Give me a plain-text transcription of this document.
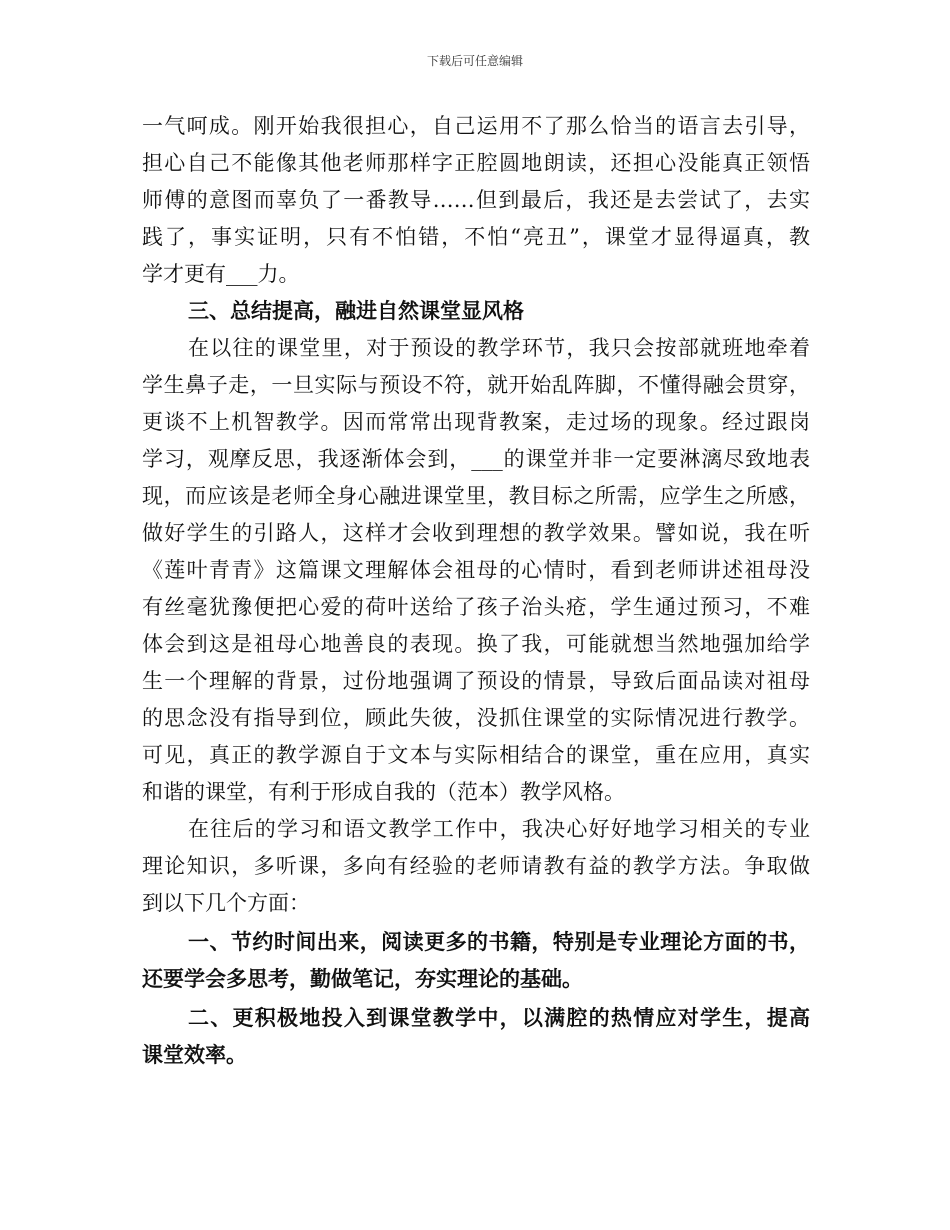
下载后可任意编辑
一气呵成。刚开始我很担心，自己运用不了那么恰当的语言去引导，
担心自己不能像其他老师那样字正腔圆地朗读，还担心没能真正领悟
师傅的意图而辜负了一番教导……但到最后，我还是去尝试了，去实
践了，事实证明，只有不怕错，不怕“亮丑”，课堂才显得逼真，教
学才更有___力。
三、总结提高，融进自然课堂显风格
在以往的课堂里，对于预设的教学环节，我只会按部就班地牵着
学生鼻子走，一旦实际与预设不符，就开始乱阵脚，不懂得融会贯穿，
更谈不上机智教学。因而常常出现背教案，走过场的现象。经过跟岗
学习，观摩反思，我逐渐体会到，___的课堂并非一定要淋漓尽致地表
现，而应该是老师全身心融进课堂里，教目标之所需，应学生之所感，
做好学生的引路人，这样才会收到理想的教学效果。譬如说，我在听
《莲叶青青》这篇课文理解体会祖母的心情时，看到老师讲述祖母没
有丝毫犹豫便把心爱的荷叶送给了孩子治头疮，学生通过预习，不难
体会到这是祖母心地善良的表现。换了我，可能就想当然地强加给学
生一个理解的背景，过份地强调了预设的情景，导致后面品读对祖母
的思念没有指导到位，顾此失彼，没抓住课堂的实际情况进行教学。
可见，真正的教学源自于文本与实际相结合的课堂，重在应用，真实
和谐的课堂，有利于形成自我的（范本）教学风格。
在往后的学习和语文教学工作中，我决心好好地学习相关的专业
理论知识，多听课，多向有经验的老师请教有益的教学方法。争取做
到以下几个方面：
一、节约时间出来，阅读更多的书籍，特别是专业理论方面的书，
还要学会多思考，勤做笔记，夯实理论的基础。
二、更积极地投入到课堂教学中，以满腔的热情应对学生，提高
课堂效率。
